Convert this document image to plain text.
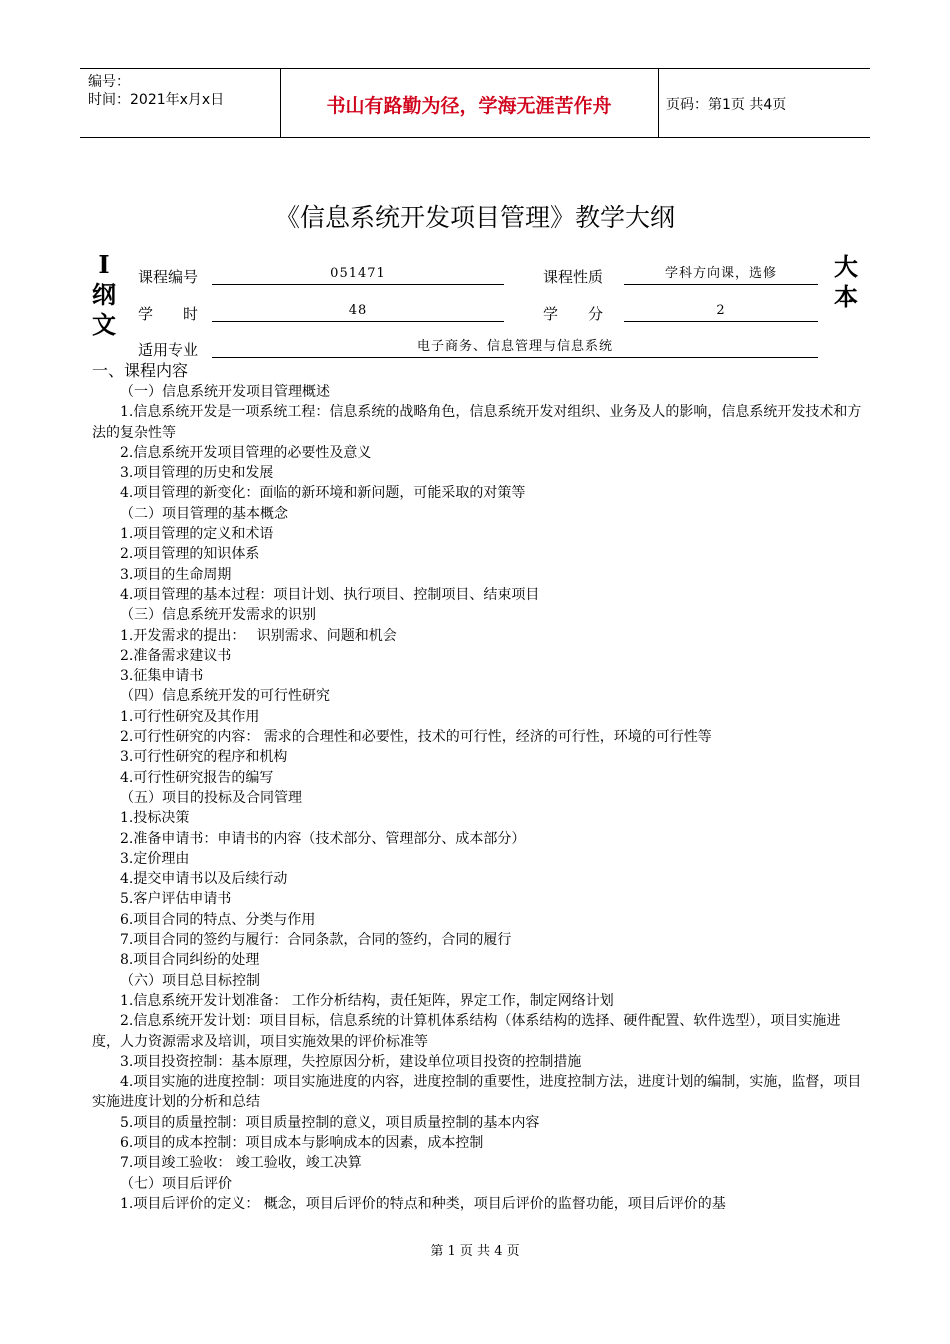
编号：
时间：2021年x月x日	书山有路勤为径，学海无涯苦作舟	页码：第1页 共4页
《信息系统开发项目管理》教学大纲
I
纲
文
大
本
课程编号	051471	课程性质	学科方向课，选修
学　　时	48	学　　分	2
适用专业	电子商务、信息管理与信息系统
一、课程内容
（一）信息系统开发项目管理概述
1.信息系统开发是一项系统工程：信息系统的战略角色，信息系统开发对组织、业务及人的影响，信息系统开发技术和方法的复杂性等
2.信息系统开发项目管理的必要性及意义
3.项目管理的历史和发展
4.项目管理的新变化：面临的新环境和新问题，可能采取的对策等
（二）项目管理的基本概念
1.项目管理的定义和术语
2.项目管理的知识体系
3.项目的生命周期
4.项目管理的基本过程：项目计划、执行项目、控制项目、结束项目
（三）信息系统开发需求的识别
1.开发需求的提出：　 识别需求、问题和机会
2.准备需求建议书
3.征集申请书
（四）信息系统开发的可行性研究
1.可行性研究及其作用
2.可行性研究的内容： 需求的合理性和必要性，技术的可行性，经济的可行性，环境的可行性等
3.可行性研究的程序和机构
4.可行性研究报告的编写
（五）项目的投标及合同管理
1.投标决策
2.准备申请书：申请书的内容（技术部分、管理部分、成本部分）
3.定价理由
4.提交申请书以及后续行动
5.客户评估申请书
6.项目合同的特点、分类与作用
7.项目合同的签约与履行：合同条款，合同的签约，合同的履行
8.项目合同纠纷的处理
（六）项目总目标控制
1.信息系统开发计划准备： 工作分析结构，责任矩阵，界定工作，制定网络计划
2.信息系统开发计划：项目目标，信息系统的计算机体系结构（体系结构的选择、硬件配置、软件选型），项目实施进度，人力资源需求及培训，项目实施效果的评价标准等
3.项目投资控制：基本原理，失控原因分析，建设单位项目投资的控制措施
4.项目实施的进度控制：项目实施进度的内容，进度控制的重要性，进度控制方法，进度计划的编制，实施，监督，项目实施进度计划的分析和总结
5.项目的质量控制：项目质量控制的意义，项目质量控制的基本内容
6.项目的成本控制：项目成本与影响成本的因素，成本控制
7.项目竣工验收： 竣工验收，竣工决算
（七）项目后评价
1.项目后评价的定义： 概念，项目后评价的特点和种类，项目后评价的监督功能，项目后评价的基
第 1 页 共 4 页
